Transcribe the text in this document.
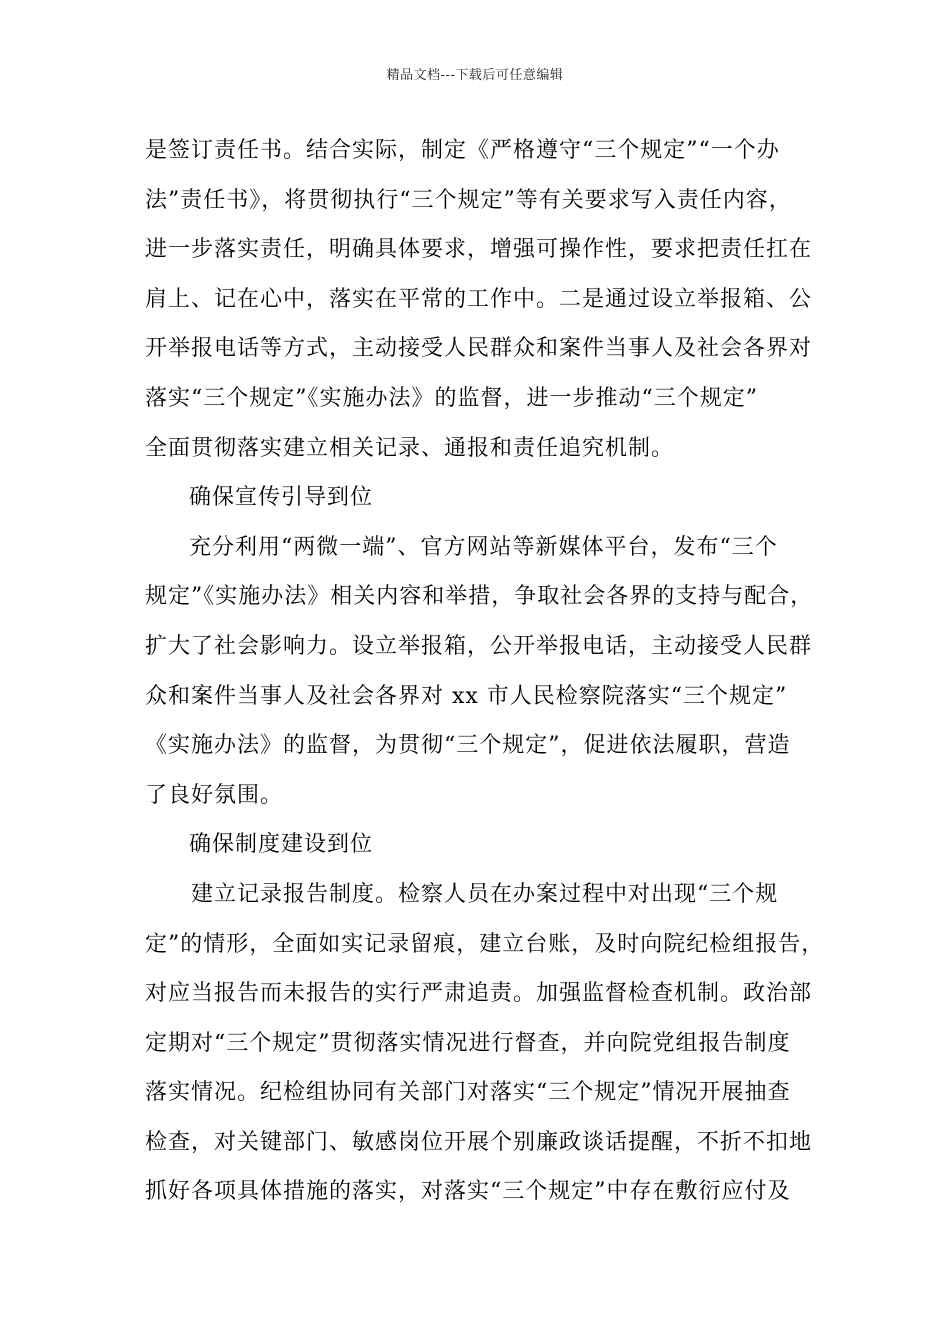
精品文档---下载后可任意编辑
是签订责任书。结合实际，制定《严格遵守“三个规定”“一个办
法”责任书》，将贯彻执行“三个规定”等有关要求写入责任内容，
进一步落实责任，明确具体要求，增强可操作性，要求把责任扛在
肩上、记在心中，落实在平常的工作中。二是通过设立举报箱、公
开举报电话等方式，主动接受人民群众和案件当事人及社会各界对
落实“三个规定”《实施办法》的监督，进一步推动“三个规定”
全面贯彻落实建立相关记录、通报和责任追究机制。
确保宣传引导到位
充分利用“两微一端”、官方网站等新媒体平台，发布“三个
规定”《实施办法》相关内容和举措，争取社会各界的支持与配合，
扩大了社会影响力。设立举报箱，公开举报电话，主动接受人民群
众和案件当事人及社会各界对 xx 市人民检察院落实“三个规定”
《实施办法》的监督，为贯彻“三个规定”，促进依法履职，营造
了良好氛围。
确保制度建设到位
建立记录报告制度。检察人员在办案过程中对出现“三个规
定”的情形，全面如实记录留痕，建立台账，及时向院纪检组报告，
对应当报告而未报告的实行严肃追责。加强监督检查机制。政治部
定期对“三个规定”贯彻落实情况进行督查，并向院党组报告制度
落实情况。纪检组协同有关部门对落实“三个规定”情况开展抽查
检查，对关键部门、敏感岗位开展个别廉政谈话提醒，不折不扣地
抓好各项具体措施的落实，对落实“三个规定”中存在敷衍应付及
